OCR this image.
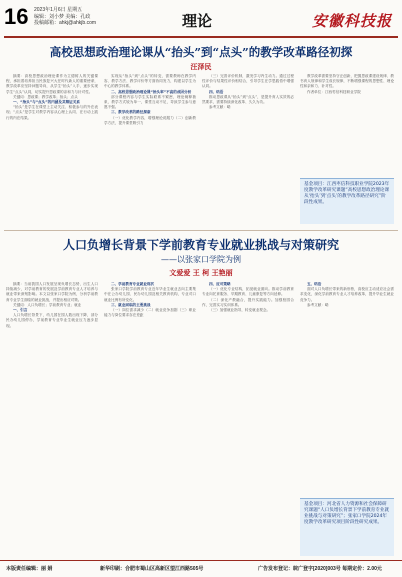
16 2023年1月6日 星期五
编辑：刘小梦 美编：孔政
投稿邮箱：ahkj@ahkjb.com	理论	安徽科技报
高校思想政治理论课从“抬头”到“点头”的教学改革路径初探
汪泽民

摘要：高校思想政治理论课作为立德树人的关键课程，承担着培养担当民族复兴大任时代新人的重要使命，教学改革应坚持问题导向，从学生“抬头”入手，逐步实现学生“点头”认同，切实提升思政课的亲和力与针对性。

关键词：思政课；教学改革；抬头；点头

一、“抬头”与“点头”的内涵及其辩证关系

“抬头”是学生在课堂上主动关注、积极参与的外在表现；“点头”是学生对教学内容从心理上认同、在行动上践行的内在结果。

实现从“抬头”到“点头”的转变，需要教师在教学内容、教学方法、教学评价等方面协同发力，构建以学生为中心的教学体系。

二、高校思想政治理论课“抬头率”不高的成因分析

部分课程内容与学生实际联系不紧密，理论阐释抽象，教学方式较为单一，课堂互动不足，导致学生参与意愿不强。

三、教学改革的路径探索

（一）优化教学内容，增强理论说服力（二）创新教学方法，提升课堂吸引力

（三）完善评价机制，激发学习内生动力。通过过程性评价与结果性评价相结合，引导学生在学思践悟中增强认同。

四、结语

推动思政课从“抬头”到“点头”，是提升育人实效的必然要求，需要持续深化改革、久久为功。

参考文献：略

教学改革需要坚持守正创新，把握思政课建设规律、教书育人规律和学生成长规律，不断增强课程的思想性、理论性和亲和力、针对性。

作者单位：江西枣信科技职业学院

基金项目：江西枣信科技职业学院2023年度教学改革研究课题“高校思想政治理论课从‘抬头’到‘点头’的教学改革路径研究”阶段性成果。
人口负增长背景下学前教育专业就业挑战与对策研究
——以张家口学院为例
文爱爱 王 柯 王艳丽

摘要：当前我国人口发展呈现负增长态势，出生人口持续减少，对学前教育的发展及学前教育专业人才培养与就业带来深刻影响。本文以张家口学院为例，分析学前教育专业学生面临的就业挑战，并提出相应对策。

关键词：人口负增长；学前教育专业；就业

一、引言

人口负增长背景下，幼儿园在园人数出现下降，部分民办幼儿园停办，学前教育专业毕业生就业压力逐步显现。

二、学前教育专业就业现状

张家口学院学前教育专业近年毕业生就业去向主要集中在公办幼儿园、民办幼儿园及相关教育机构，专业对口就业比例有所变化。

三、就业面临的主要挑战

（一）岗位需求减少（二）就业竞争加剧（三）职业能力与岗位要求存在差距

四、应对策略

（一）优化专业结构，拓宽就业面向。推动学前教育专业向托育服务、早期教育、儿童康复等方向延伸。

（二）深化产教融合，提升实践能力。加强校园合作，完善实习实训体系。

（三）加强就业指导，转变就业观念。

五、结语

面对人口负增长带来的新形势，高校应主动适应社会需求变化，深化学前教育专业人才培养改革，提升毕业生就业竞争力。

参考文献：略

基金项目：河北省人力资源和社会保障研究课题“人口负增长背景下学前教育专业就业挑战与对策研究”；张家口学院2024年度教学改革研究项目阶段性研究成果。
本版责任编辑：丽 娟	新华印刷：合肥市蜀山区高新区望江西路505号	广告发布登记：皖广登字[2020]003号 每期定价：2.00元
